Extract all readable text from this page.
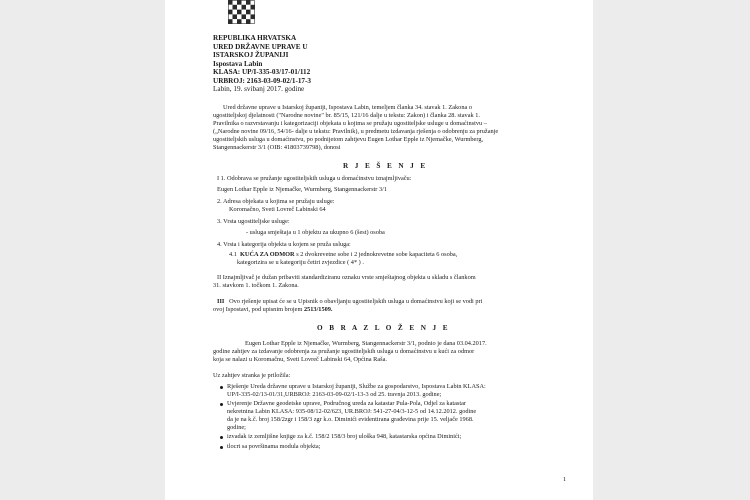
REPUBLIKA HRVATSKA
URED DRŽAVNE UPRAVE U
ISTARSKOJ ŽUPANIJI
Ispostava Labin
KLASA: UP/I-335-03/17-01/112
URBROJ: 2163-03-09-02/1-17-3
Labin, 19. svibanj 2017. godine
Ured državne uprave u Istarskoj županiji, Ispostava Labin, temeljem članka 34. stavak 1. Zakona o
ugostiteljskoj djelatnosti ("Narodne novine" br. 85/15, 121/16 dalje u tekstu: Zakon) i članka 28. stavak 1.
Pravilnika o razvrstavanju i kategorizaciji objekata u kojima se pružaju ugostiteljske usluge u domaćinstvu –
(„Narodne novine 09/16, 54/16- dalje u tekstu: Pravilnik), u predmetu izdavanja rješenja o odobrenju za pružanje
ugostiteljskih usluga u domaćinstvu, po podnijetom zahtjevu Eugen Lothar Epple iz Njemačke, Wurmberg,
Stangennackerstr 3/1 (OIB: 41803739798), donosi
R J E Š E N J E
I 1. Odobrava se pružanje ugostiteljskih usluga u domaćinstvu iznajmljivaču:
Eugen Lothar Epple iz Njemačke, Wurmberg, Stangennackerstr 3/1
2. Adresa objekata u kojima se pružaju usluge:
Koromačno, Sveti Lovreč Labinski 64
3. Vrsta ugostiteljske usluge:
- usluga smještaja u 1 objektu za ukupno 6 (šest) osoba
4. Vrsta i kategorija objekta u kojem se pruža usluga:
4.1 KUĆA ZA ODMOR s 2 dvokrevetne sobe i 2 jednokrevetne sobe kapaciteta 6 osoba,
kategorizira se u kategoriju četiri zvjezdice ( 4* ) .
II Iznajmljivač je dužan pribaviti standardiziranu oznaku vrste smještajnog objekta u skladu s člankom
31. stavkom 1. točkom 1. Zakona.
III Ovo rješenje upisat će se u Upisnik o obavljanju ugostiteljskih usluga u domaćinstvu koji se vodi pri
ovoj Ispostavi, pod upisnim brojem 2513/1509.
O B R A Z L O Ž E N J E
Eugen Lothar Epple iz Njemačke, Wurmberg, Stangennackerstr 3/1, podnio je dana 03.04.2017.
godine zahtjev za izdavanje odobrenja za pružanje ugostiteljskih usluga u domaćinstvu u kući za odmor
koja se nalazi u Koromačnu, Sveti Lovreč Labinski 64, Općina Raša.
Uz zahtjev stranka je priložila:
Rješenje Ureda državne uprave u Istarskoj županiji, Službe za gospodarstvo, Ispostava Labin KLASA:
UP/I-335-02/13-01/31,URBROJ: 2163-03-09-02/1-13-3 od 25. travnja 2013. godine;
Uvjerenje Državne geodetske uprave, Područnog ureda za katastar Pula-Pola, Odjel za katastar
nekretnina Labin KLASA: 935-08/12-02/623, UR.BROJ: 541-27-04/3-12-5 od 14.12.2012. godine
da je na k.č. broj 158/2zgr i 158/3 zgr k.o. Diminići evidentirana građevina prije 15. veljače 1968.
godine;
izvadak iz zemljišne knjige za k.č. 158/2 158/3 broj uloška 948, katastarska općina Diminići;
tlocrt sa površinama modula objekta;
1
